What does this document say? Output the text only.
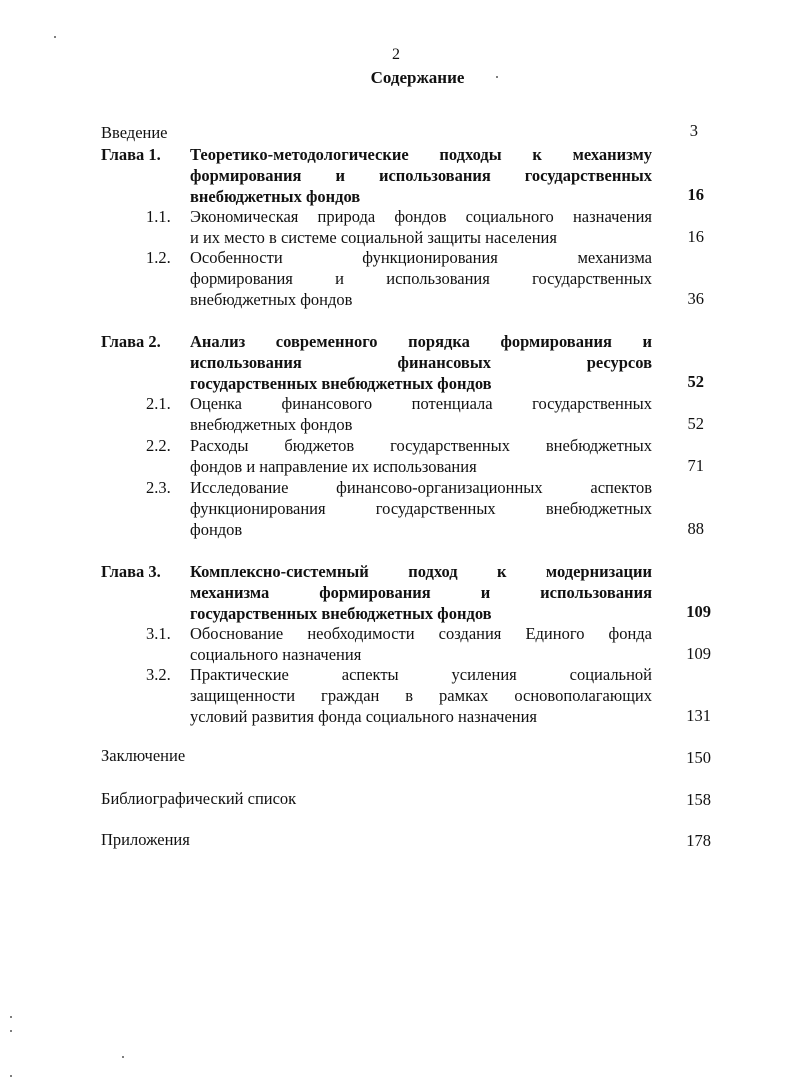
2
Содержание
Введение	3
Глава 1. Теоретико-методологические подходы к механизму
формирования и использования государственных
внебюджетных фондов	16
1.1. Экономическая природа фондов социального назначения
и их место в системе социальной защиты населения	16
1.2. Особенности функционирования механизма
формирования и использования государственных
внебюджетных фондов	36
Глава 2. Анализ современного порядка формирования и
использования финансовых ресурсов
государственных внебюджетных фондов	52
2.1. Оценка финансового потенциала государственных
внебюджетных фондов	52
2.2. Расходы бюджетов государственных внебюджетных
фондов и направление их использования	71
2.3. Исследование финансово-организационных аспектов
функционирования государственных внебюджетных
фондов	88
Глава 3. Комплексно-системный подход к модернизации
механизма формирования и использования
государственных внебюджетных фондов	109
3.1. Обоснование необходимости создания Единого фонда
социального назначения	109
3.2. Практические аспекты усиления социальной
защищенности граждан в рамках основополагающих
условий развития фонда социального назначения	131
Заключение	150
Библиографический список	158
Приложения	178
